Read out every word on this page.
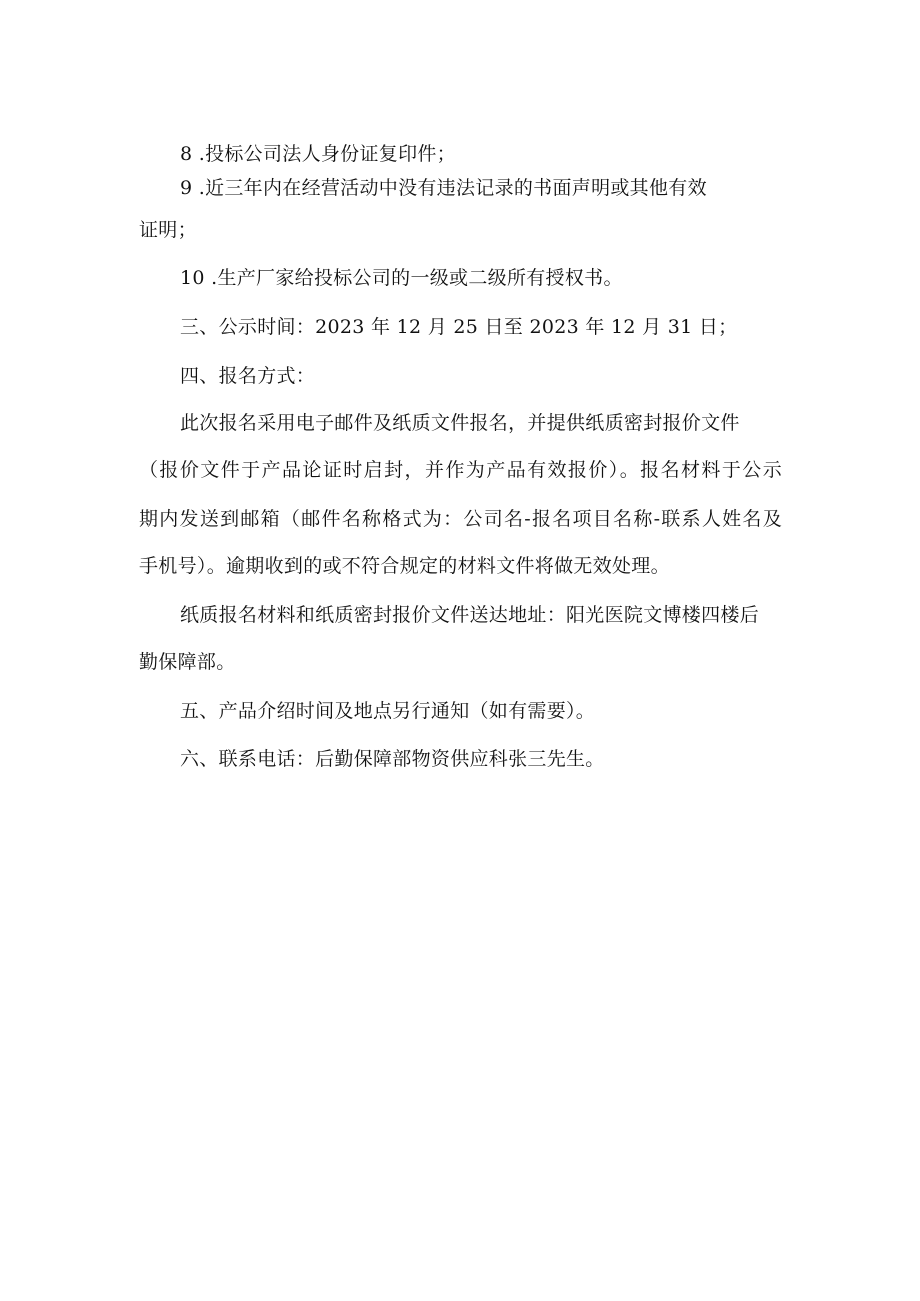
8 .投标公司法人身份证复印件；
9 .近三年内在经营活动中没有违法记录的书面声明或其他有效
证明；
10 .生产厂家给投标公司的一级或二级所有授权书。
三、公示时间：2023 年 12 月 25 日至 2023 年 12 月 31 日；
四、报名方式：
此次报名采用电子邮件及纸质文件报名，并提供纸质密封报价文件
（报价文件于产品论证时启封，并作为产品有效报价）。报名材料于公示
期内发送到邮箱（邮件名称格式为：公司名-报名项目名称-联系人姓名及
手机号）。逾期收到的或不符合规定的材料文件将做无效处理。
纸质报名材料和纸质密封报价文件送达地址：阳光医院文博楼四楼后
勤保障部。
五、产品介绍时间及地点另行通知（如有需要）。
六、联系电话：后勤保障部物资供应科张三先生。
